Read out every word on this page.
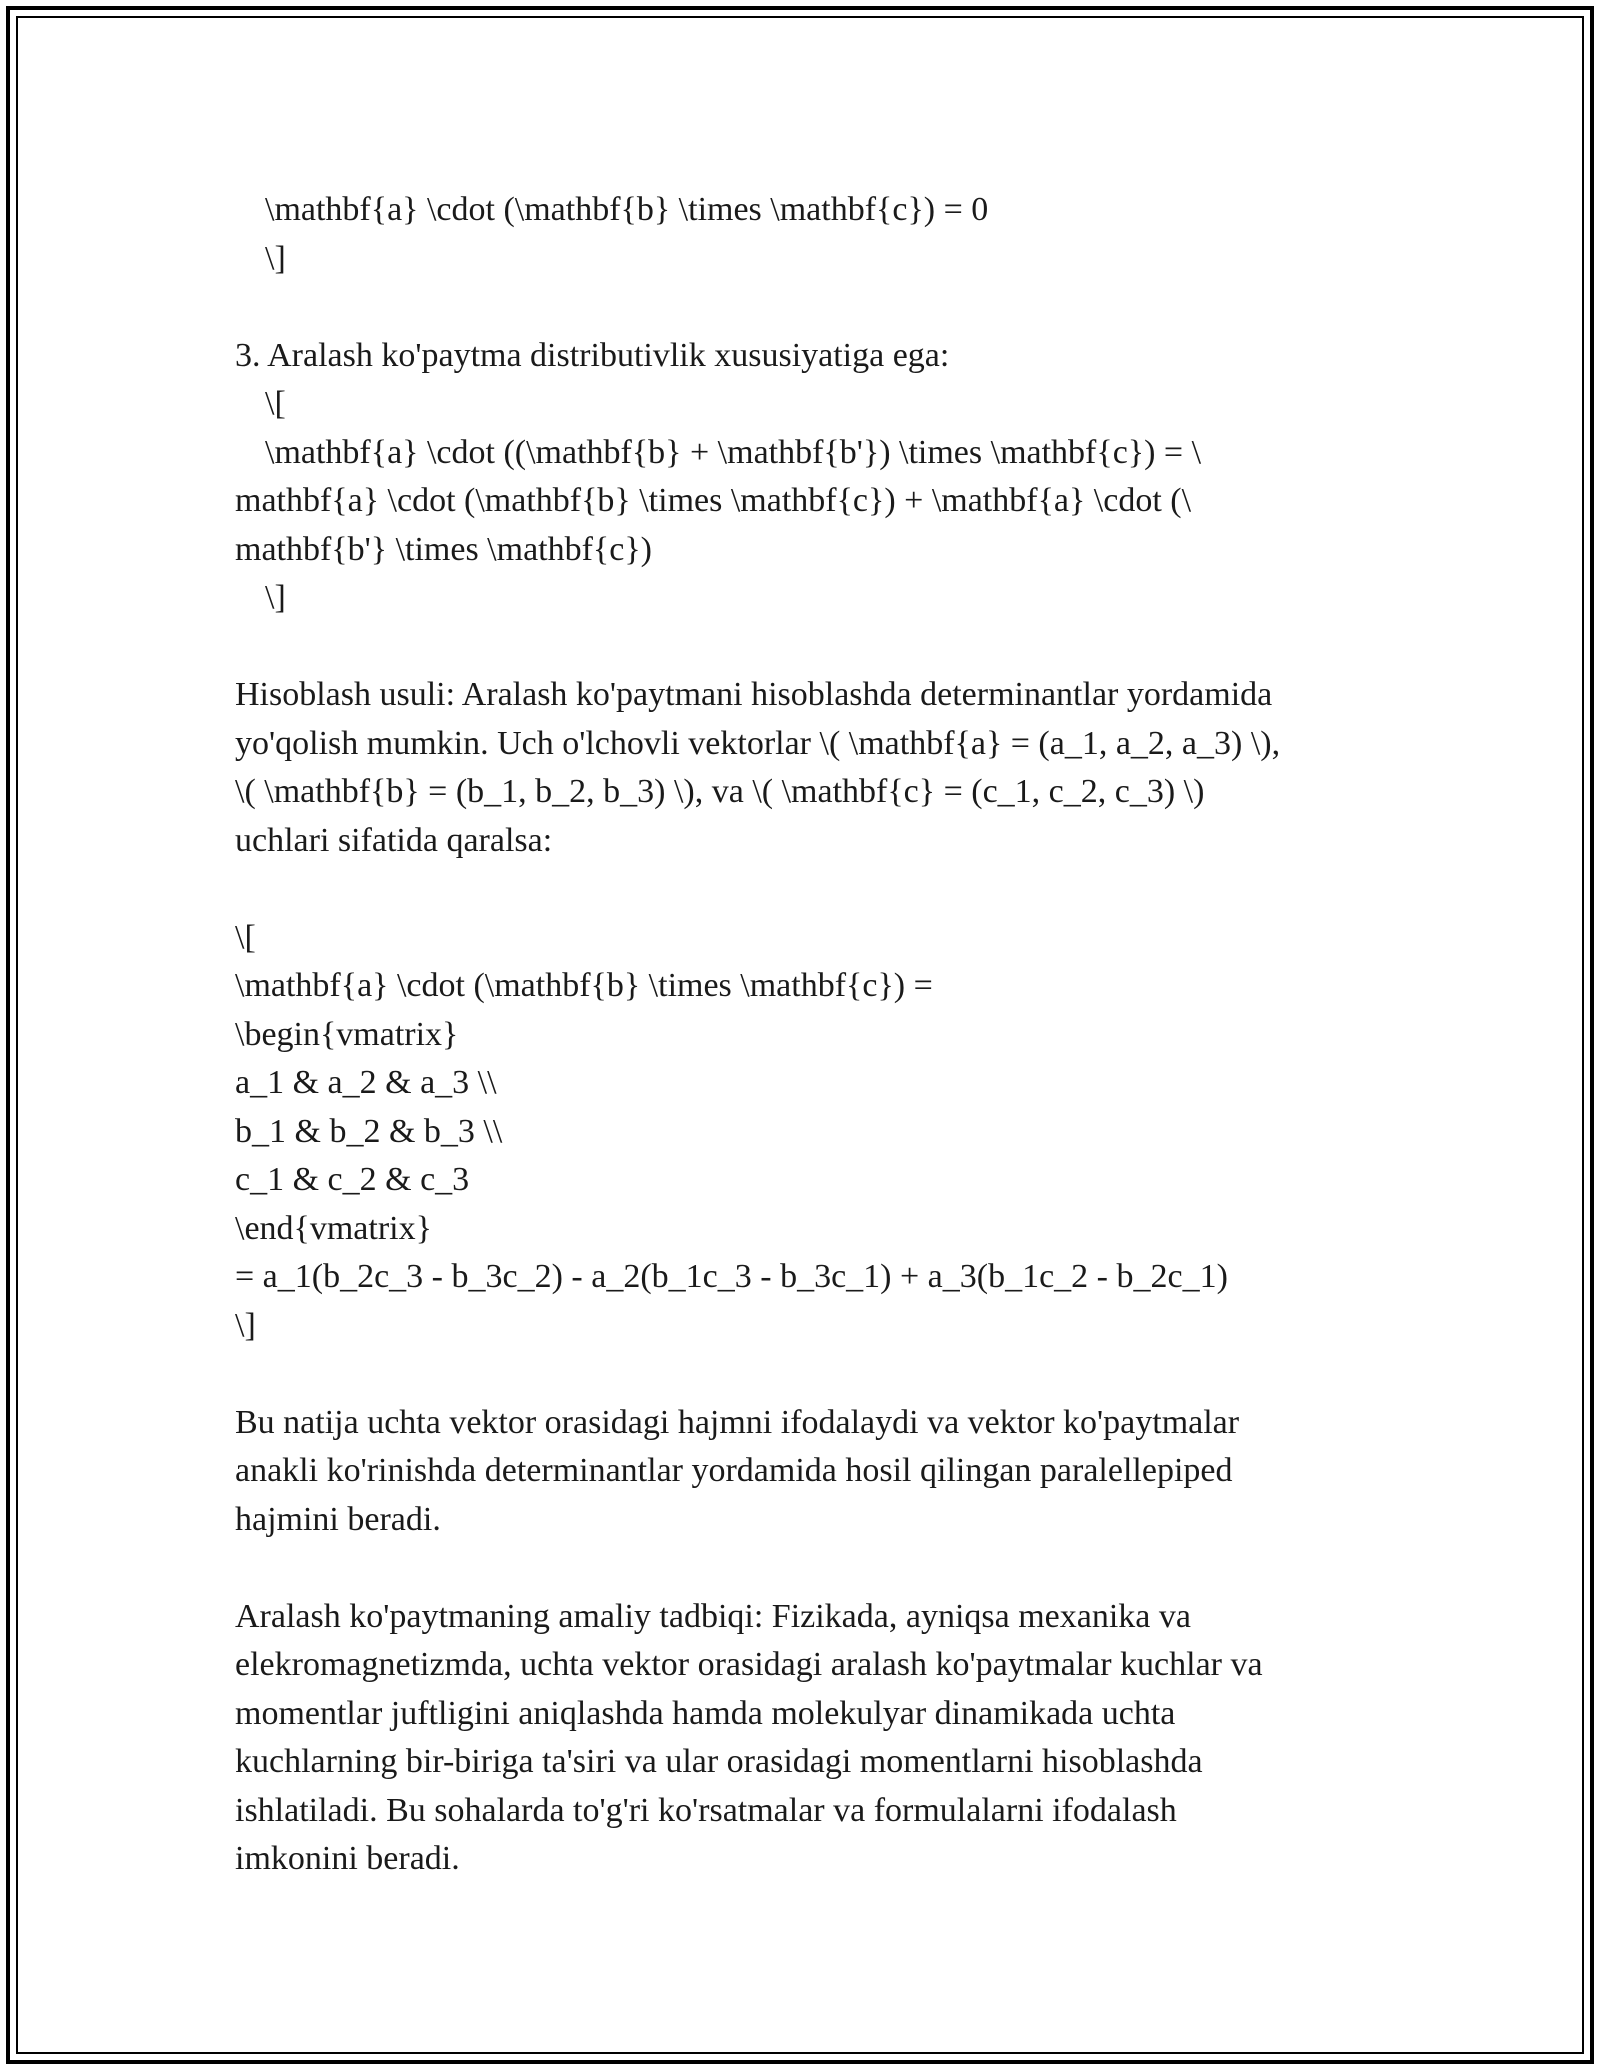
\mathbf{a} \cdot (\mathbf{b} \times \mathbf{c}) = 0
\]
3. Aralash ko'paytma distributivlik xususiyatiga ega:
\[
\mathbf{a} \cdot ((\mathbf{b} + \mathbf{b'}) \times \mathbf{c}) = \
mathbf{a} \cdot (\mathbf{b} \times \mathbf{c}) + \mathbf{a} \cdot (\
mathbf{b'} \times \mathbf{c})
\]
Hisoblash usuli: Aralash ko'paytmani hisoblashda determinantlar yordamida
yo'qolish mumkin. Uch o'lchovli vektorlar \( \mathbf{a} = (a_1, a_2, a_3) \),
\( \mathbf{b} = (b_1, b_2, b_3) \), va \( \mathbf{c} = (c_1, c_2, c_3) \)
uchlari sifatida qaralsa:
\[
\mathbf{a} \cdot (\mathbf{b} \times \mathbf{c}) =
\begin{vmatrix}
a_1 & a_2 & a_3 \\
b_1 & b_2 & b_3 \\
c_1 & c_2 & c_3
\end{vmatrix}
= a_1(b_2c_3 - b_3c_2) - a_2(b_1c_3 - b_3c_1) + a_3(b_1c_2 - b_2c_1)
\]
Bu natija uchta vektor orasidagi hajmni ifodalaydi va vektor ko'paytmalar
anakli ko'rinishda determinantlar yordamida hosil qilingan paralellepiped
hajmini beradi.
Aralash ko'paytmaning amaliy tadbiqi: Fizikada, ayniqsa mexanika va
elekromagnetizmda, uchta vektor orasidagi aralash ko'paytmalar kuchlar va
momentlar juftligini aniqlashda hamda molekulyar dinamikada uchta
kuchlarning bir-biriga ta'siri va ular orasidagi momentlarni hisoblashda
ishlatiladi. Bu sohalarda to'g'ri ko'rsatmalar va formulalarni ifodalash
imkonini beradi.
